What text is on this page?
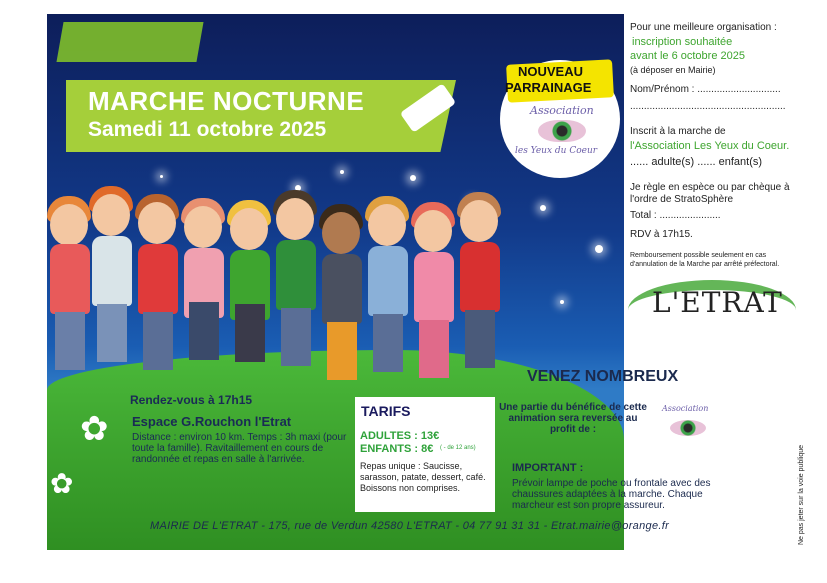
MARCHE NOCTURNE
Samedi 11 octobre 2025
NOUVEAU
PARRAINAGE
Association
les Yeux du Coeur
✿
✿
✿
Rendez-vous à 17h15
Espace G.Rouchon l'Etrat
Distance : environ 10 km. Temps : 3h maxi (pour toute la famille). Ravitaillement en cours de randonnée et repas en salle à l'arrivée.
TARIFS
ADULTES : 13€
ENFANTS : 8€ ( - de 12 ans)
Repas unique : Saucisse, sarasson, patate, dessert, café. Boissons non comprises.
VENEZ NOMBREUX
Une partie du bénéfice de cette animation sera reversée au profit de :
Association
IMPORTANT :
Prévoir lampe de poche ou frontale avec des chaussures adaptées à la marche. Chaque marcheur est son propre assureur.
MAIRIE DE L'ETRAT - 175, rue de Verdun 42580 L'ETRAT - 04 77 91 31 31 - Etrat.mairie@orange.fr
Pour une meilleure organisation :
inscription souhaitée
avant le 6 octobre 2025
(à déposer en Mairie)
Nom/Prénom : ..............................
........................................................
Inscrit à la marche de
l'Association Les Yeux du Coeur.
...... adulte(s) ...... enfant(s)
Je règle en espèce ou par chèque à l'ordre de StratoSphère
Total : ......................
RDV à 17h15.
Remboursement possible seulement en cas d'annulation de la Marche par arrêté préfectoral.
L'ETRAT
Ne pas jeter sur la voie publique
